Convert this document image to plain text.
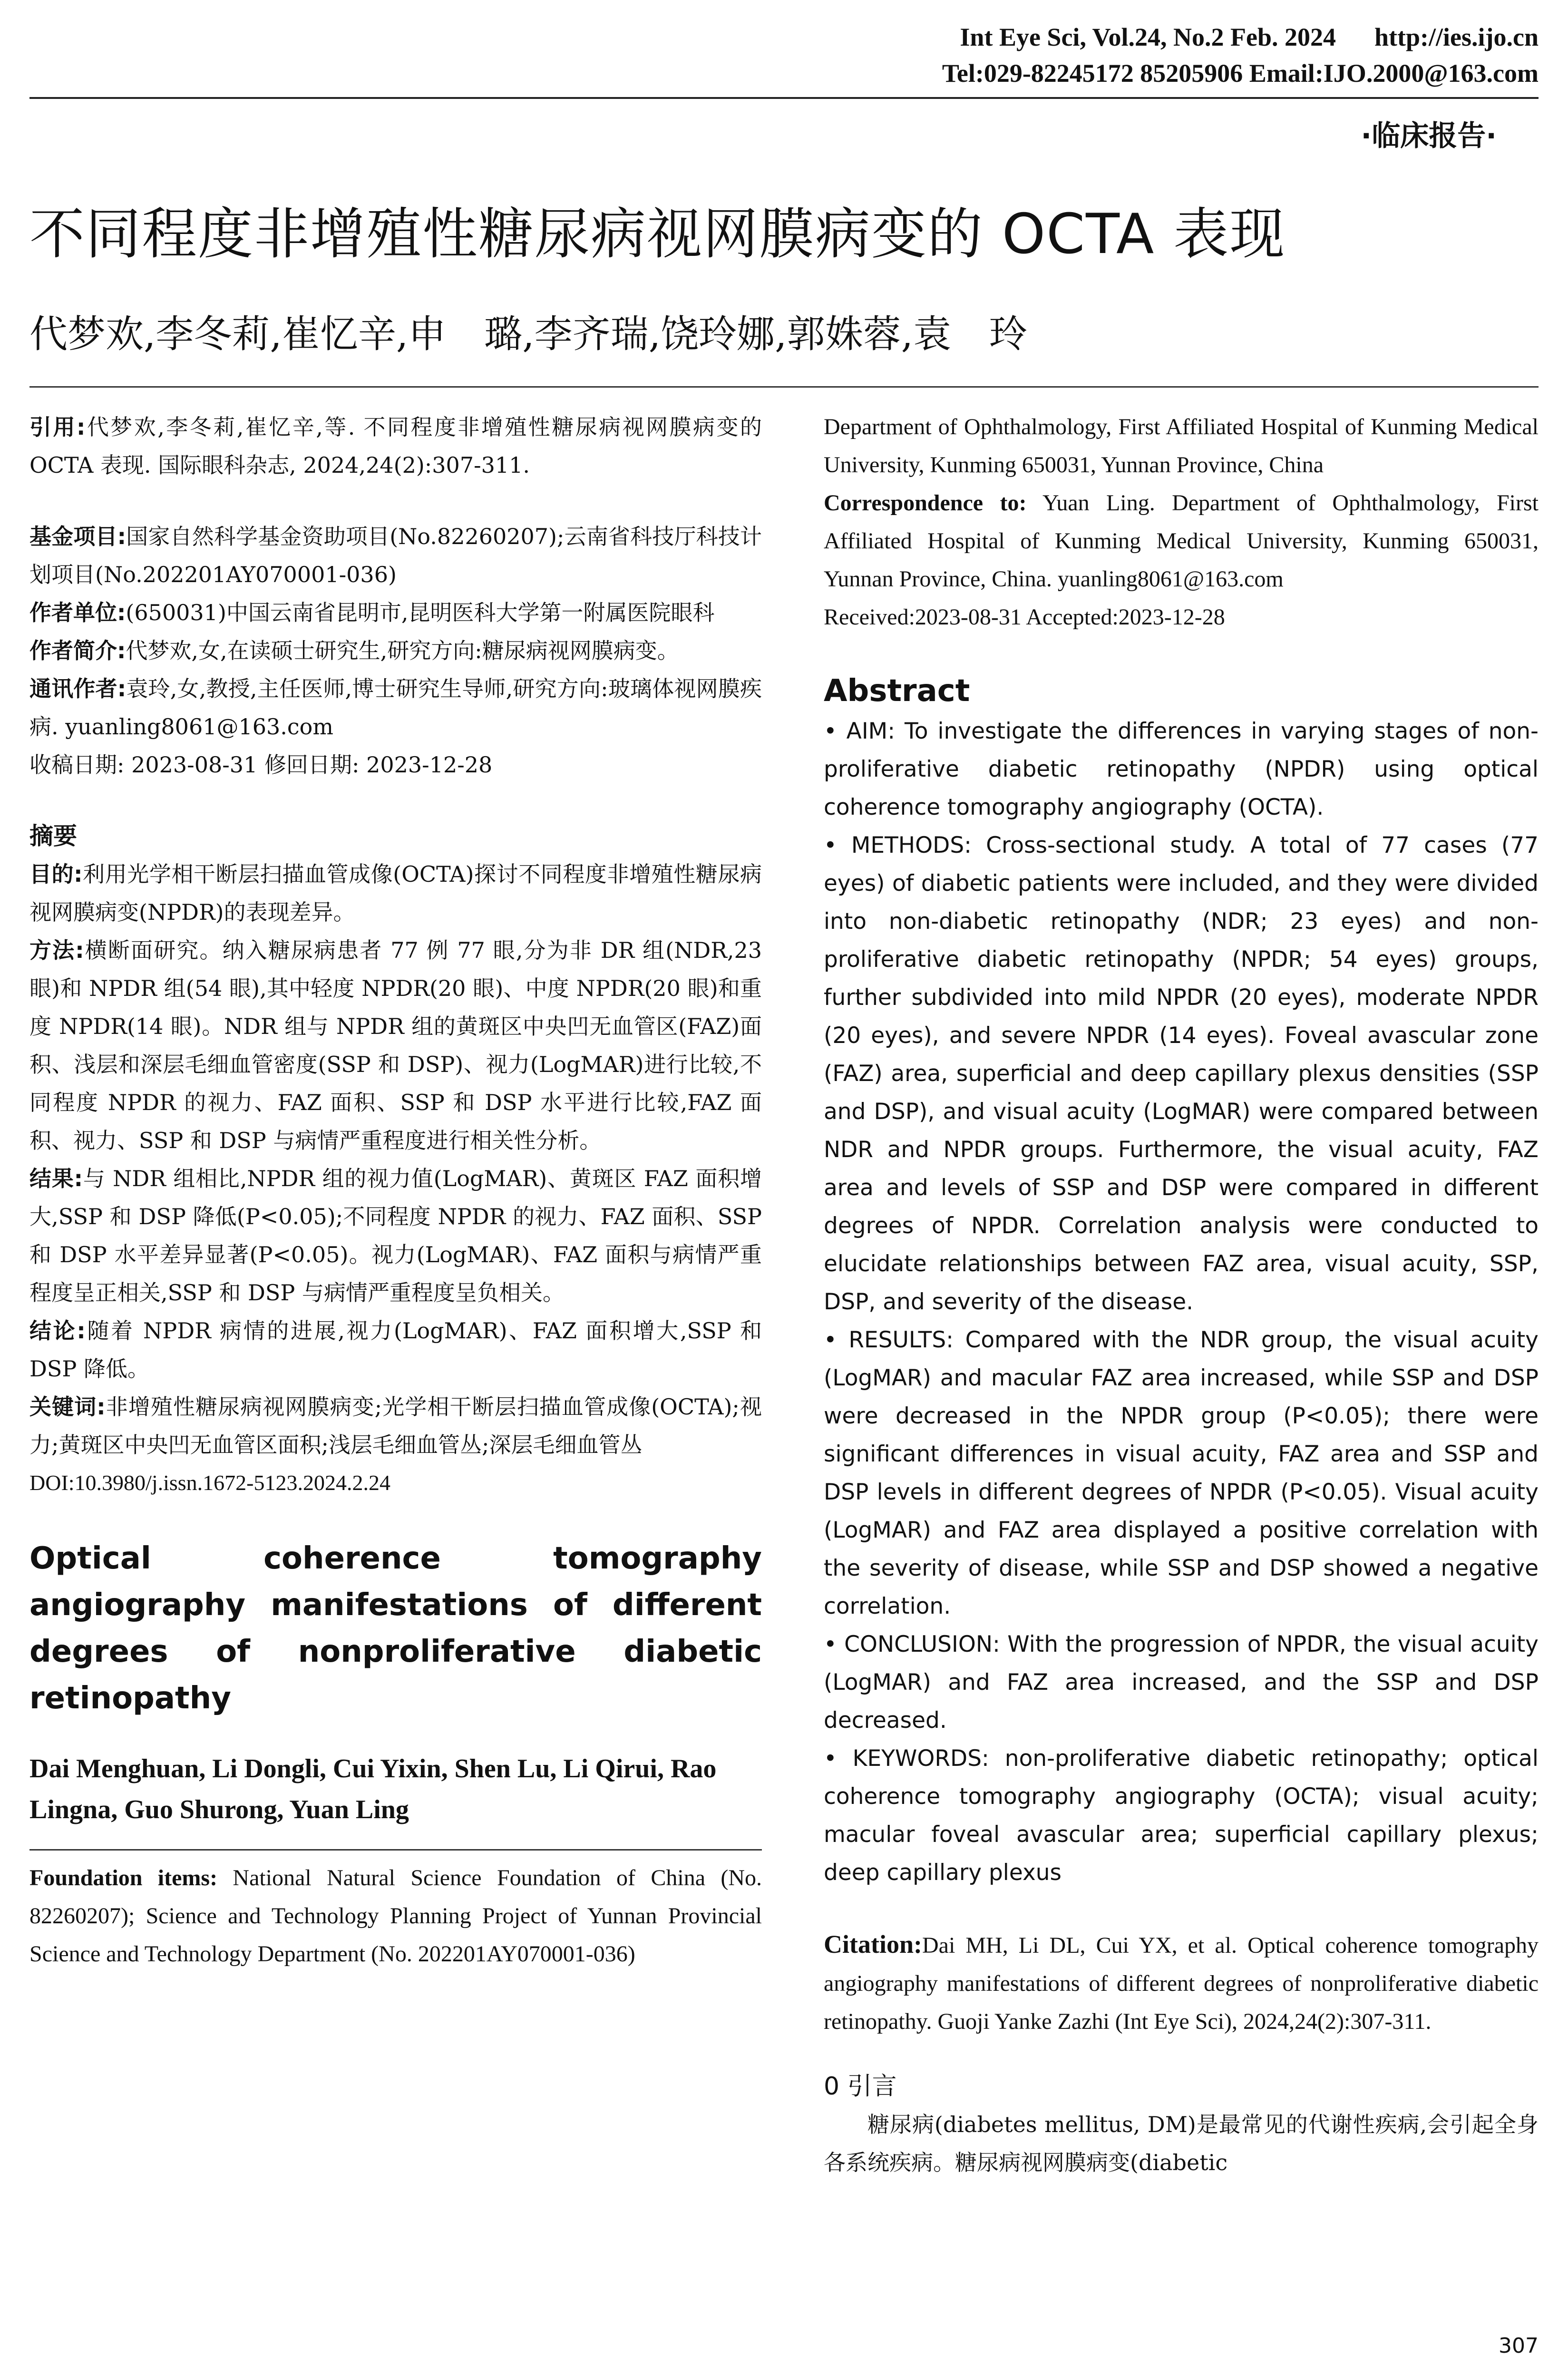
Int Eye Sci, Vol.24, No.2 Feb. 2024 http://ies.ijo.cn
Tel:029-82245172 85205906 Email:IJO.2000@163.com
·临床报告·
不同程度非增殖性糖尿病视网膜病变的 OCTA 表现
代梦欢,李冬莉,崔忆辛,申　璐,李齐瑞,饶玲娜,郭姝蓉,袁　玲

引用:代梦欢,李冬莉,崔忆辛,等. 不同程度非增殖性糖尿病视网膜病变的 OCTA 表现. 国际眼科杂志, 2024,24(2):307-311.

基金项目:国家自然科学基金资助项目(No.82260207);云南省科技厅科技计划项目(No.202201AY070001-036)

作者单位:(650031)中国云南省昆明市,昆明医科大学第一附属医院眼科

作者简介:代梦欢,女,在读硕士研究生,研究方向:糖尿病视网膜病变。

通讯作者:袁玲,女,教授,主任医师,博士研究生导师,研究方向:玻璃体视网膜疾病. yuanling8061@163.com

收稿日期: 2023-08-31 修回日期: 2023-12-28

摘要

目的:利用光学相干断层扫描血管成像(OCTA)探讨不同程度非增殖性糖尿病视网膜病变(NPDR)的表现差异。

方法:横断面研究。纳入糖尿病患者 77 例 77 眼,分为非 DR 组(NDR,23 眼)和 NPDR 组(54 眼),其中轻度 NPDR(20 眼)、中度 NPDR(20 眼)和重度 NPDR(14 眼)。NDR 组与 NPDR 组的黄斑区中央凹无血管区(FAZ)面积、浅层和深层毛细血管密度(SSP 和 DSP)、视力(LogMAR)进行比较,不同程度 NPDR 的视力、FAZ 面积、SSP 和 DSP 水平进行比较,FAZ 面积、视力、SSP 和 DSP 与病情严重程度进行相关性分析。

结果:与 NDR 组相比,NPDR 组的视力值(LogMAR)、黄斑区 FAZ 面积增大,SSP 和 DSP 降低(P<0.05);不同程度 NPDR 的视力、FAZ 面积、SSP 和 DSP 水平差异显著(P<0.05)。视力(LogMAR)、FAZ 面积与病情严重程度呈正相关,SSP 和 DSP 与病情严重程度呈负相关。

结论:随着 NPDR 病情的进展,视力(LogMAR)、FAZ 面积增大,SSP 和 DSP 降低。

关键词:非增殖性糖尿病视网膜病变;光学相干断层扫描血管成像(OCTA);视力;黄斑区中央凹无血管区面积;浅层毛细血管丛;深层毛细血管丛

DOI:10.3980/j.issn.1672-5123.2024.2.24

Optical coherence tomography angiography manifestations of different degrees of nonproliferative diabetic retinopathy

Dai Menghuan, Li Dongli, Cui Yixin, Shen Lu, Li Qirui, Rao Lingna, Guo Shurong, Yuan Ling

Foundation items: National Natural Science Foundation of China (No. 82260207); Science and Technology Planning Project of Yunnan Provincial Science and Technology Department (No. 202201AY070001-036)

Department of Ophthalmology, First Affiliated Hospital of Kunming Medical University, Kunming 650031, Yunnan Province, China

Correspondence to: Yuan Ling. Department of Ophthalmology, First Affiliated Hospital of Kunming Medical University, Kunming 650031, Yunnan Province, China. yuanling8061@163.com

Received:2023-08-31 Accepted:2023-12-28

Abstract

• AIM: To investigate the differences in varying stages of non-proliferative diabetic retinopathy (NPDR) using optical coherence tomography angiography (OCTA).

• METHODS: Cross-sectional study. A total of 77 cases (77 eyes) of diabetic patients were included, and they were divided into non-diabetic retinopathy (NDR; 23 eyes) and non-proliferative diabetic retinopathy (NPDR; 54 eyes) groups, further subdivided into mild NPDR (20 eyes), moderate NPDR (20 eyes), and severe NPDR (14 eyes). Foveal avascular zone (FAZ) area, superficial and deep capillary plexus densities (SSP and DSP), and visual acuity (LogMAR) were compared between NDR and NPDR groups. Furthermore, the visual acuity, FAZ area and levels of SSP and DSP were compared in different degrees of NPDR. Correlation analysis were conducted to elucidate relationships between FAZ area, visual acuity, SSP, DSP, and severity of the disease.

• RESULTS: Compared with the NDR group, the visual acuity (LogMAR) and macular FAZ area increased, while SSP and DSP were decreased in the NPDR group (P<0.05); there were significant differences in visual acuity, FAZ area and SSP and DSP levels in different degrees of NPDR (P<0.05). Visual acuity (LogMAR) and FAZ area displayed a positive correlation with the severity of disease, while SSP and DSP showed a negative correlation.

• CONCLUSION: With the progression of NPDR, the visual acuity (LogMAR) and FAZ area increased, and the SSP and DSP decreased.

• KEYWORDS: non-proliferative diabetic retinopathy; optical coherence tomography angiography (OCTA); visual acuity; macular foveal avascular area; superficial capillary plexus; deep capillary plexus

Citation:Dai MH, Li DL, Cui YX, et al. Optical coherence tomography angiography manifestations of different degrees of nonproliferative diabetic retinopathy. Guoji Yanke Zazhi (Int Eye Sci), 2024,24(2):307-311.

0 引言

糖尿病(diabetes mellitus, DM)是最常见的代谢性疾病,会引起全身各系统疾病。糖尿病视网膜病变(diabetic

307
